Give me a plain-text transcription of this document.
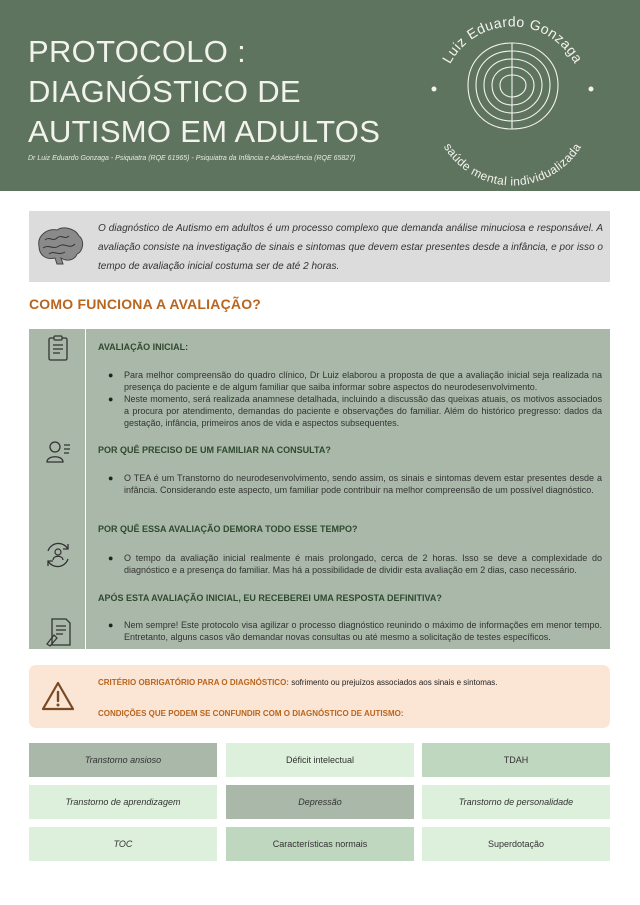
PROTOCOLO :
DIAGNÓSTICO DE
AUTISMO EM ADULTOS
Dr Luiz Eduardo Gonzaga - Psiquiatra (RQE 61965) - Psiquiatra da Infância e Adolescência (RQE 65827)
Luiz Eduardo Gonzaga
saúde mental individualizada
O diagnóstico de Autismo em adultos é um processo complexo que demanda análise minuciosa e responsável. A avaliação consiste na investigação de sinais e sintomas que devem estar presentes desde a infância, e por isso o tempo de avaliação inicial costuma ser de até 2 horas.
COMO FUNCIONA A AVALIAÇÃO?
AVALIAÇÃO INICIAL:
● Para melhor compreensão do quadro clínico, Dr Luiz elaborou a proposta de que a avaliação inicial seja realizada na presença do paciente e de algum familiar que saiba informar sobre aspectos do neurodesenvolvimento.
● Neste momento, será realizada anamnese detalhada, incluindo a discussão das queixas atuais, os motivos associados a procura por atendimento, demandas do paciente e observações do familiar. Além do histórico pregresso: dados da gestação, infância, primeiros anos de vida e aspectos subsequentes.
POR QUÊ PRECISO DE UM FAMILIAR NA CONSULTA?
● O TEA é um Transtorno do neurodesenvolvimento, sendo assim, os sinais e sintomas devem estar presentes desde a infância. Considerando este aspecto, um familiar pode contribuir na melhor compreensão de um possível diagnóstico.
POR QUÊ ESSA AVALIAÇÃO DEMORA TODO ESSE TEMPO?
● O tempo da avaliação inicial realmente é mais prolongado, cerca de 2 horas. Isso se deve a complexidade do diagnóstico e a presença do familiar. Mas há a possibilidade de dividir esta avaliação em 2 dias, caso necessário.
APÓS ESTA AVALIAÇÃO INICIAL, EU RECEBEREI UMA RESPOSTA DEFINITIVA?
● Nem sempre! Este protocolo visa agilizar o processo diagnóstico reunindo o máximo de informações em menor tempo. Entretanto, alguns casos vão demandar novas consultas ou até mesmo a solicitação de testes específicos.
CRITÉRIO OBRIGATÓRIO PARA O DIAGNÓSTICO: sofrimento ou prejuízos associados aos sinais e sintomas.
CONDIÇÕES QUE PODEM SE CONFUNDIR COM O DIAGNÓSTICO DE AUTISMO:
Transtorno ansioso	Déficit intelectual	TDAH
Transtorno de aprendizagem	Depressão	Transtorno de personalidade
TOC	Características normais	Superdotação
